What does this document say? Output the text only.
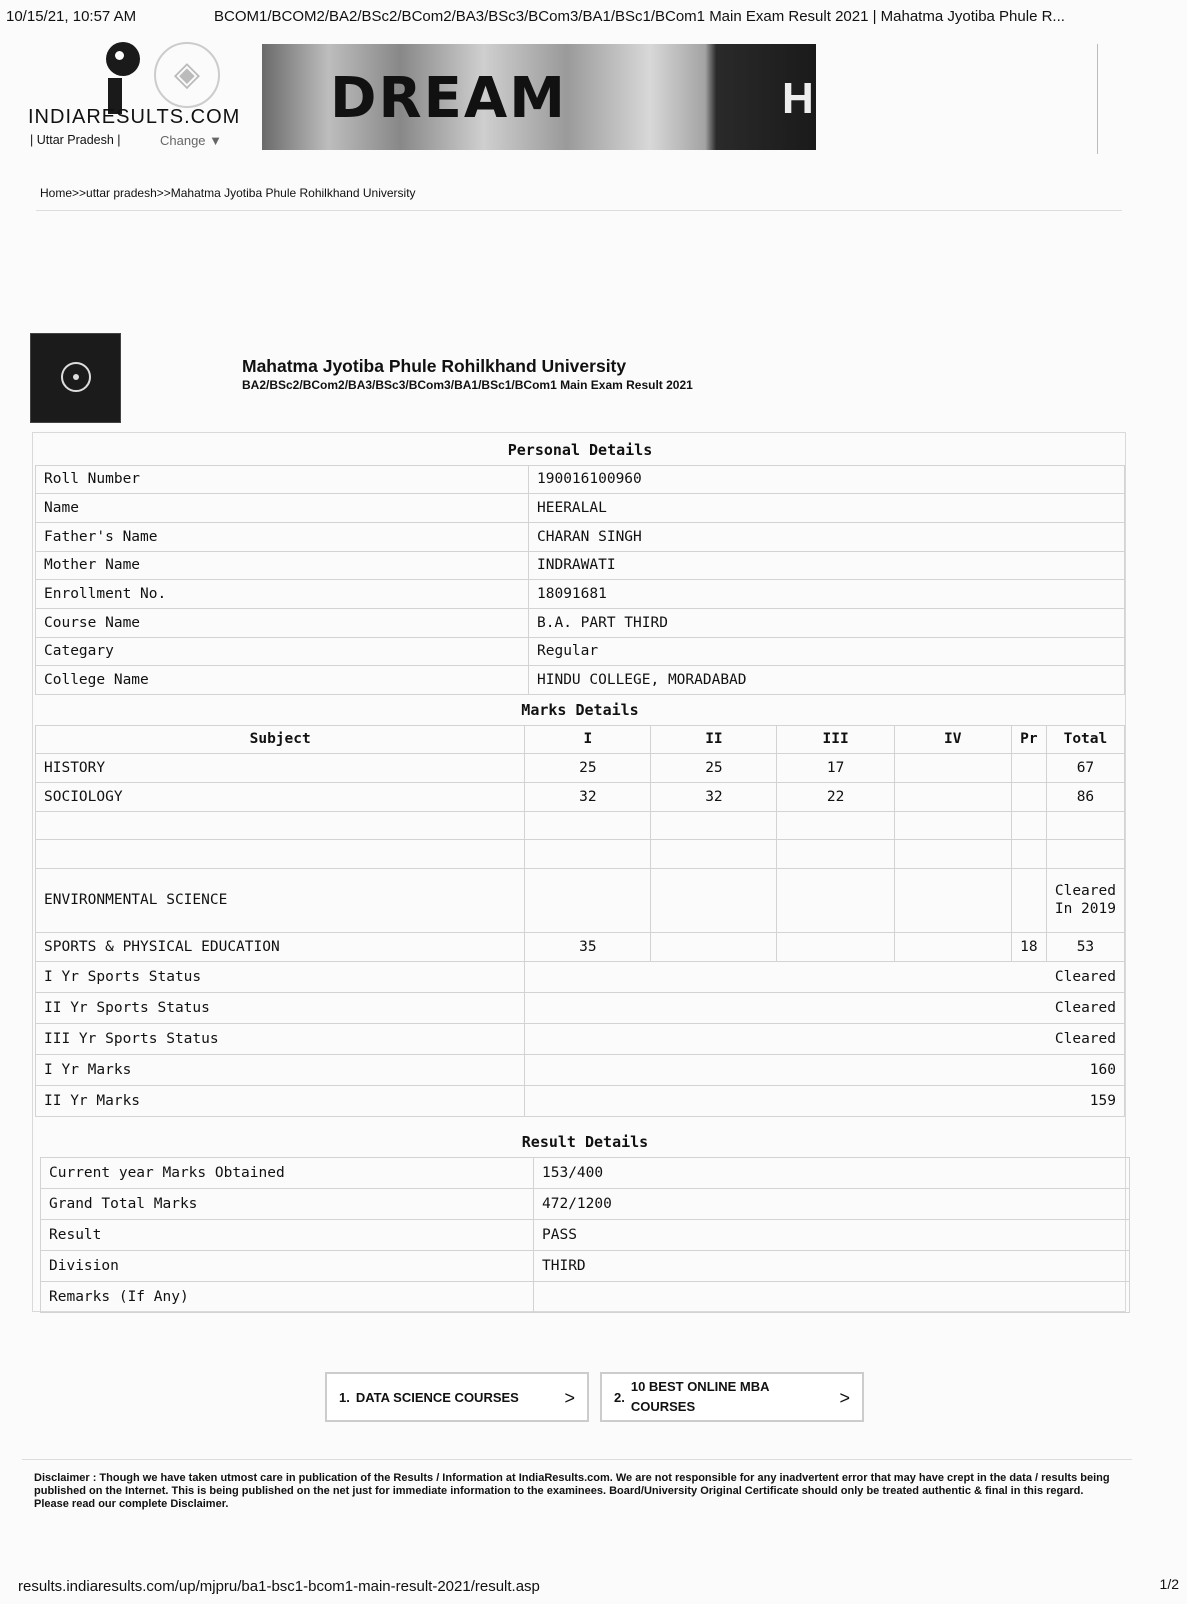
10/15/21, 10:57 AM	BCOM1/BCOM2/BA2/BSc2/BCom2/BA3/BSc3/BCom3/BA1/BSc1/BCom1 Main Exam Result 2021 | Mahatma Jyotiba Phule R...
◈
INDIARESULTS.COM
| Uttar Pradesh |	Change ▼
DREAM	H
Home>>uttar pradesh>>Mahatma Jyotiba Phule Rohilkhand University
Mahatma Jyotiba Phule Rohilkhand University
BA2/BSc2/BCom2/BA3/BSc3/BCom3/BA1/BSc1/BCom1 Main Exam Result 2021
Personal Details	
Roll Number	190016100960
Name	HEERALAL
Father's Name	CHARAN SINGH
Mother Name	INDRAWATI
Enrollment No.	18091681
Course Name	B.A. PART THIRD
Categary	Regular
College Name	HINDU COLLEGE, MORADABAD
Marks Details						
Subject	I	II	III	IV	Pr	Total
HISTORY	25	25	17			67
SOCIOLOGY	32	32	22			86

ENVIRONMENTAL SCIENCE						Cleared In 2019
SPORTS & PHYSICAL EDUCATION	35				18	53
I Yr Sports Status	Cleared					
II Yr Sports Status	Cleared					
III Yr Sports Status	Cleared					
I Yr Marks	160					
II Yr Marks	159					
Result Details	
Current year Marks Obtained	153/400
Grand Total Marks	472/1200
Result	PASS
Division	THIRD
Remarks (If Any)	
1. DATA SCIENCE COURSES	>	2.
10 BEST ONLINE MBA
COURSES	>
Disclaimer : Though we have taken utmost care in publication of the Results / Information at IndiaResults.com. We are not responsible for any inadvertent error that may have crept in the data / results being published on the Internet. This is being published on the net just for immediate information to the examinees. Board/University Original Certificate should only be treated authentic & final in this regard. Please read our complete Disclaimer.
results.indiaresults.com/up/mjpru/ba1-bsc1-bcom1-main-result-2021/result.asp	1/2
